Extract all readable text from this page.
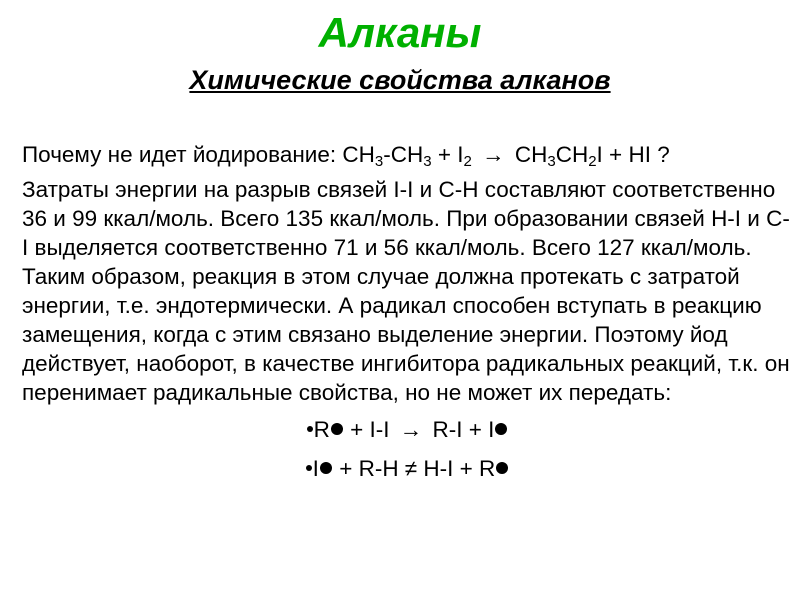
Алканы
Химические свойства алканов

Почему не идет йодирование: $CH_3-CH_3 + I_2 \to CH_3CH_2I$ + HI ?

Затраты энергии на разрыв связей I-I и C-H составляют соответственно 36 и 99 ккал/моль. Всего 135 ккал/моль. При образовании связей H-I и C-I выделяется соответственно 71 и 56 ккал/моль. Всего 127 ккал/моль. Таким образом, реакция в этом случае должна протекать с затратой энергии, т.е. эндотермически. А радикал способен вступать в реакцию замещения, когда с этим связано выделение энергии. Поэтому йод действует, наоборот, в качестве ингибитора радикальных реакций, т.к. он перенимает радикальные свойства, но не может их передать:

R + I-I → R-I + I
I + R-H ≠ H-I + R
